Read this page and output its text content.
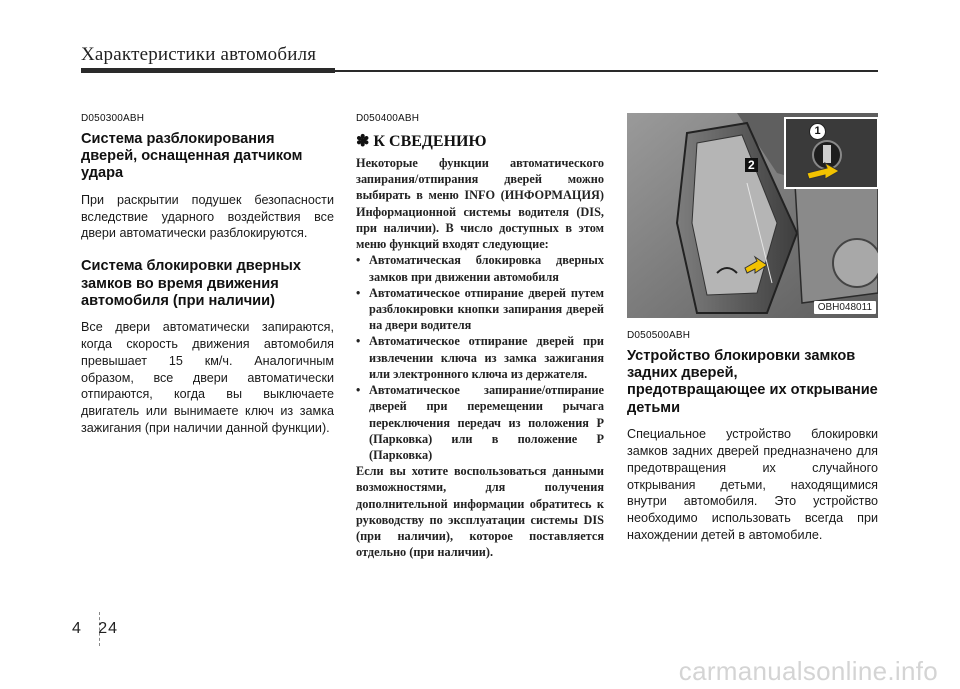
Характеристики автомобиля
D050300ABH
Система разблокирования дверей, оснащенная датчиком удара

При раскрытии подушек безопасности вследствие ударного воздействия все двери автоматически разблокируются.

Система блокировки дверных замков во время движения автомобиля (при наличии)

Все двери автоматически запираются, когда скорость движения автомобиля превышает 15 км/ч. Аналогичным образом, все двери автоматически отпираются, когда вы выключаете двигатель или вынимаете ключ из замка зажигания (при наличии данной функции).

D050400ABH
✽ К СВЕДЕНИЮ

Некоторые функции автоматического запирания/отпирания дверей можно выбирать в меню INFO (ИНФОРМАЦИЯ) Информационной системы водителя (DIS, при наличии). В число доступных в этом меню функций входят следующие:

• Автоматическая блокировка дверных замков при движении автомобиля
• Автоматическое отпирание дверей путем разблокировки кнопки запирания дверей на двери водителя
• Автоматическое отпирание дверей при извлечении ключа из замка зажигания или электронного ключа из держателя.
• Автоматическое запирание/отпирание дверей при перемещении рычага переключения передач из положения P (Парковка) или в положение P (Парковка)

Если вы хотите воспользоваться данными возможностями, для получения дополнительной информации обратитесь к руководству по эксплуатации системы DIS (при наличии), которое поставляется отдельно (при наличии).

1
2
OBH048011
D050500ABH
Устройство блокировки замков задних дверей, предотвращающее их открывание детьми

Специальное устройство блокировки замков задних дверей предназначено для предотвращения их случайного открывания детьми, находящимися внутри автомобиля. Это устройство необходимо использовать всегда при нахождении детей в автомобиле.

4 24
carmanualsonline.info
